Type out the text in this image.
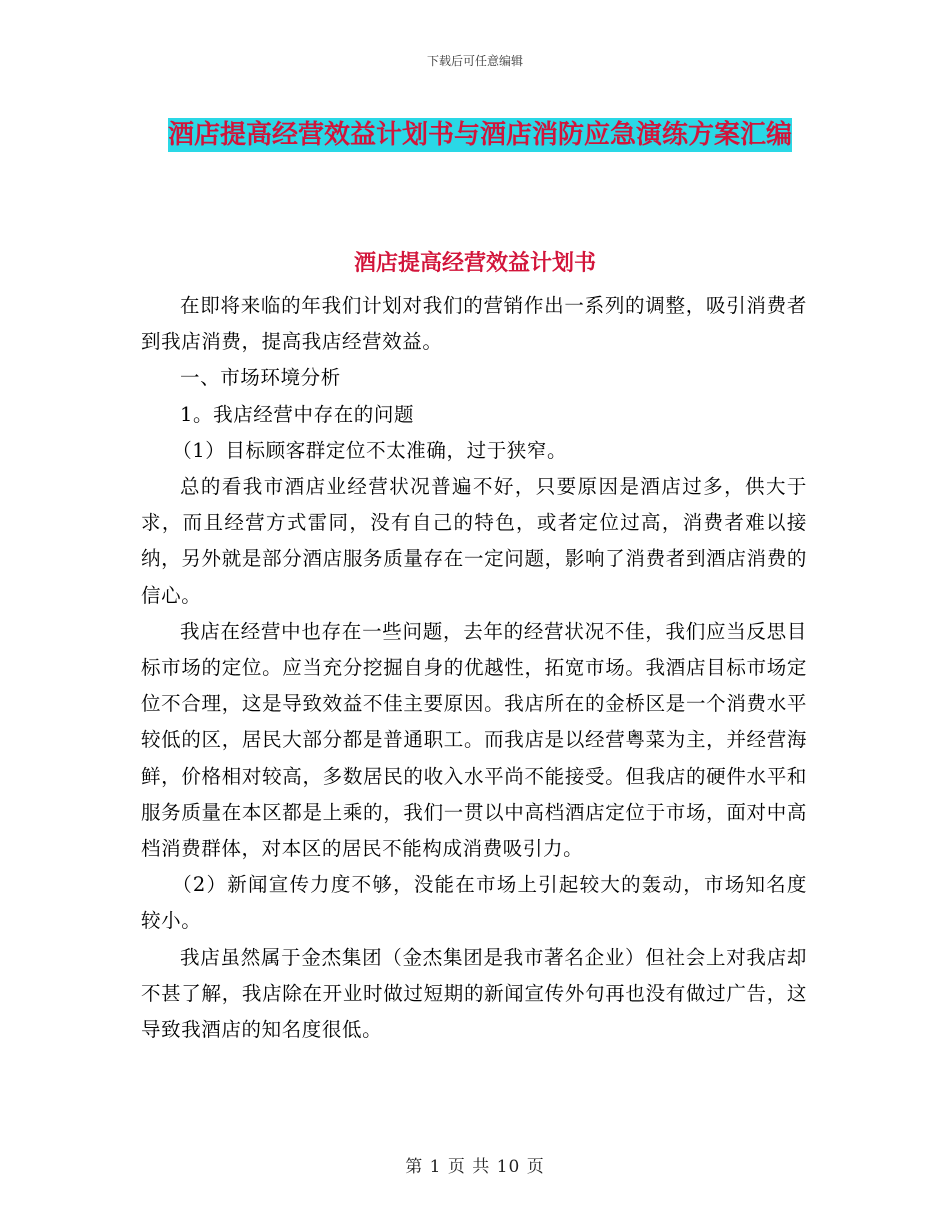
下载后可任意编辑
酒店提高经营效益计划书与酒店消防应急演练方案汇编
酒店提高经营效益计划书

在即将来临的年我们计划对我们的营销作出一系列的调整，吸引消费者到我店消费，提高我店经营效益。

一、市场环境分析

1。我店经营中存在的问题

（1）目标顾客群定位不太准确，过于狭窄。

总的看我市酒店业经营状况普遍不好，只要原因是酒店过多，供大于求，而且经营方式雷同，没有自己的特色，或者定位过高，消费者难以接纳，另外就是部分酒店服务质量存在一定问题，影响了消费者到酒店消费的信心。

我店在经营中也存在一些问题，去年的经营状况不佳，我们应当反思目标市场的定位。应当充分挖掘自身的优越性，拓宽市场。我酒店目标市场定位不合理，这是导致效益不佳主要原因。我店所在的金桥区是一个消费水平较低的区，居民大部分都是普通职工。而我店是以经营粤菜为主，并经营海鲜，价格相对较高，多数居民的收入水平尚不能接受。但我店的硬件水平和服务质量在本区都是上乘的，我们一贯以中高档酒店定位于市场，面对中高档消费群体，对本区的居民不能构成消费吸引力。

（2）新闻宣传力度不够，没能在市场上引起较大的轰动，市场知名度较小。

我店虽然属于金杰集团（金杰集团是我市著名企业）但社会上对我店却不甚了解，我店除在开业时做过短期的新闻宣传外句再也没有做过广告，这导致我酒店的知名度很低。

第 1 页 共 10 页
